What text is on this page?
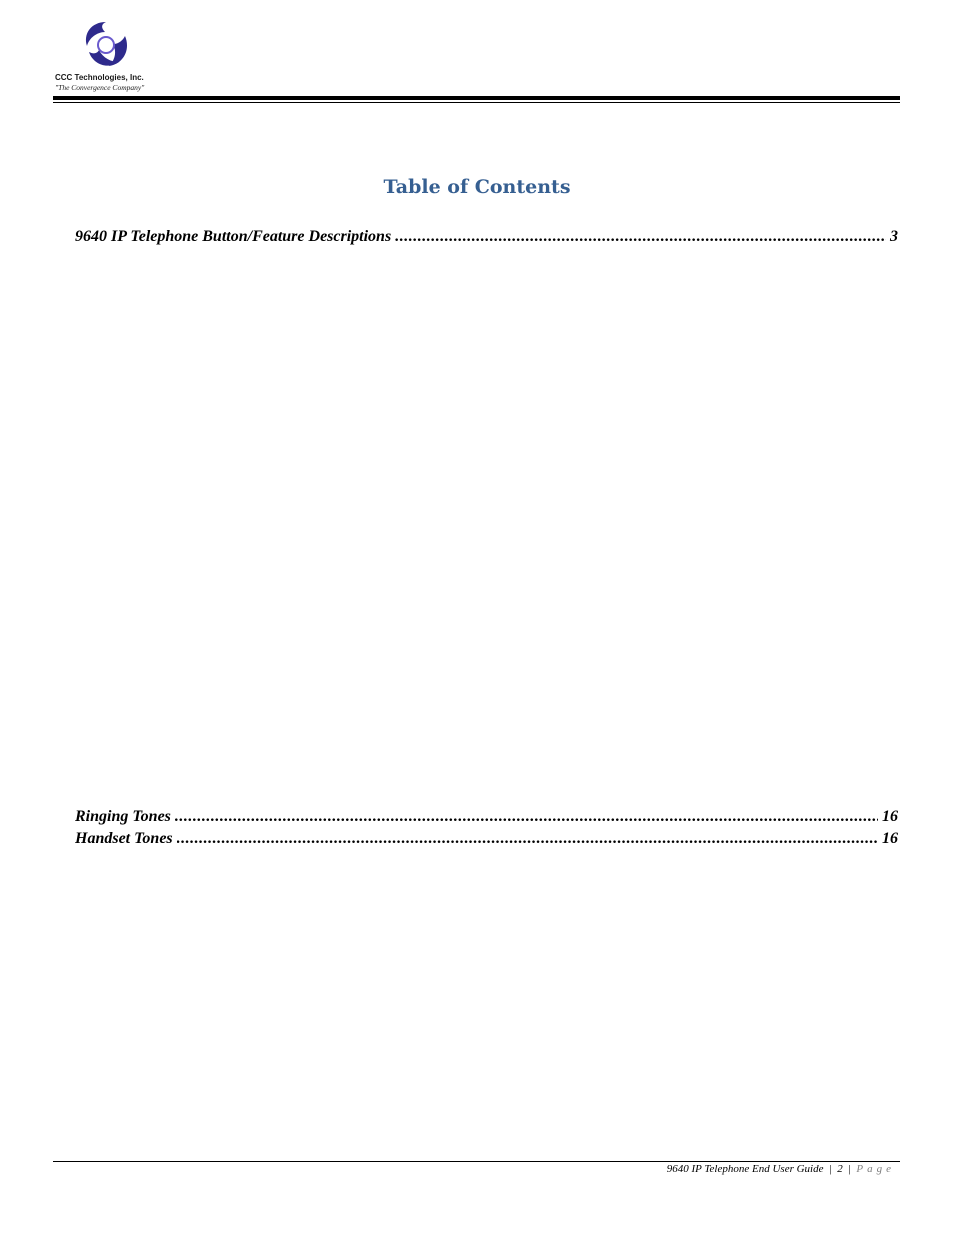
CCC Technologies, Inc.
"The Convergence Company"
Table of Contents
9640 IP Telephone Button/Feature Descriptions .....	3
Ringing Tones .....	16
Handset Tones .....	16
9640 IP Telephone End User Guide | 2 | Page
